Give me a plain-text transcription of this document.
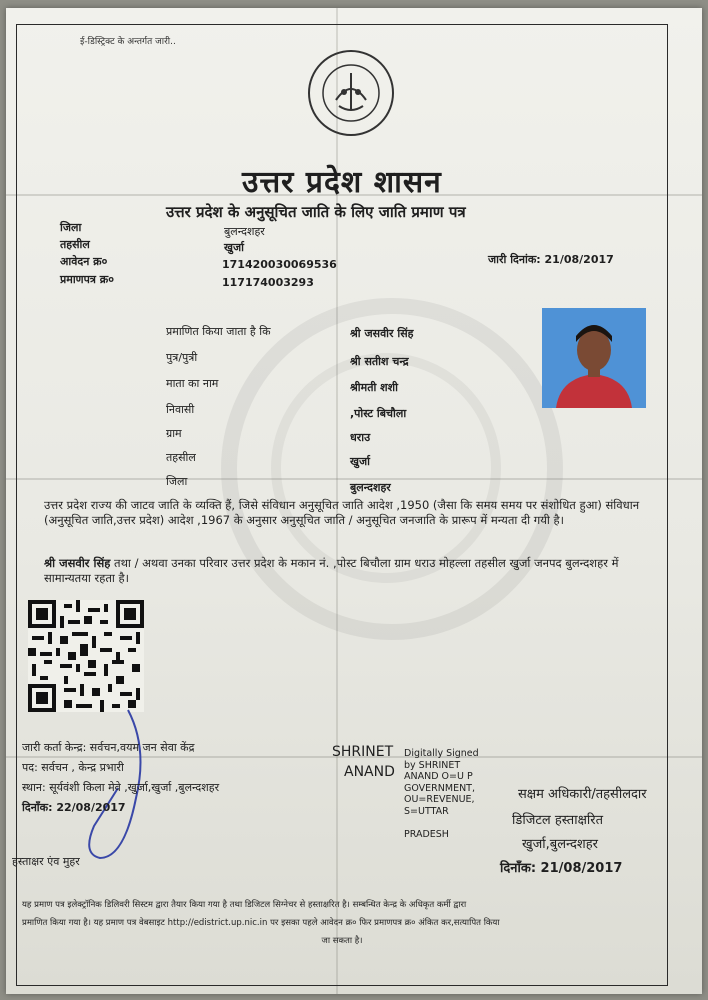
ई-डिस्ट्रिक्ट के अन्तर्गत जारी..
उत्तर प्रदेश शासन
उत्तर प्रदेश के अनुसूचित जाति के लिए जाति प्रमाण पत्र
जिला	बुलन्दशहर
तहसील	खुर्जा
आवेदन क्र०	171420030069536
प्रमाणपत्र क्र०	117174003293
जारी दिनांक: 21/08/2017
प्रमाणित किया जाता है कि	श्री जसवीर सिंह
पुत्र/पुत्री	श्री सतीश चन्द्र
माता का नाम	श्रीमती शशी
निवासी	,पोस्ट बिचौला
ग्राम	धराउ
तहसील	खुर्जा
जिला	बुलन्दशहर
उत्तर प्रदेश राज्य की जाटव जाति के व्यक्ति हैं, जिसे संविधान अनुसूचित जाति आदेश ,1950 (जैसा कि समय समय पर संशोधित हुआ) संविधान (अनुसूचित जाति,उत्तर प्रदेश) आदेश ,1967 के अनुसार अनुसूचित जाति / अनुसूचित जनजाति के प्रारूप में मन्यता दी गयी है।
श्री जसवीर सिंह तथा / अथवा उनका परिवार उत्तर प्रदेश के मकान नं. ,पोस्ट बिचौला ग्राम धराउ मोहल्ला तहसील खुर्जा जनपद बुलन्दशहर में सामान्यतया रहता है।
जारी कर्ता केन्द्र: सर्वचन,वयम जन सेवा केंद्र
पद: सर्वचन , केन्द्र प्रभारी
स्थान: सूर्यवंशी किला मेवे ,खुर्जा,खुर्जा ,बुलन्दशहर
दिनाँक: 22/08/2017
हस्ताक्षर एंव मुहर
SHRINET
ANAND
Digitally Signed
by SHRINET
ANAND O=U P
GOVERNMENT,
OU=REVENUE,
S=UTTAR
PRADESH
सक्षम अधिकारी/तहसीलदार
डिजिटल हस्ताक्षरित
खुर्जा,बुलन्दशहर
दिनाँक: 21/08/2017
यह प्रमाण पत्र इलेक्ट्रॉनिक डिलिवरी सिस्टम द्वारा तैयार किया गया है तथा डिजिटल सिग्नेचर से हस्ताक्षरित है। सम्बन्धित केन्द्र के अधिकृत कर्मी द्वारा
प्रमाणित किया गया है। यह प्रमाण पत्र वेबसाइट http://edistrict.up.nic.in पर इसका पहले आवेदन क्र० फिर प्रमाणपत्र क्र० अंकित कर,सत्यापित किया
जा सकता है।
